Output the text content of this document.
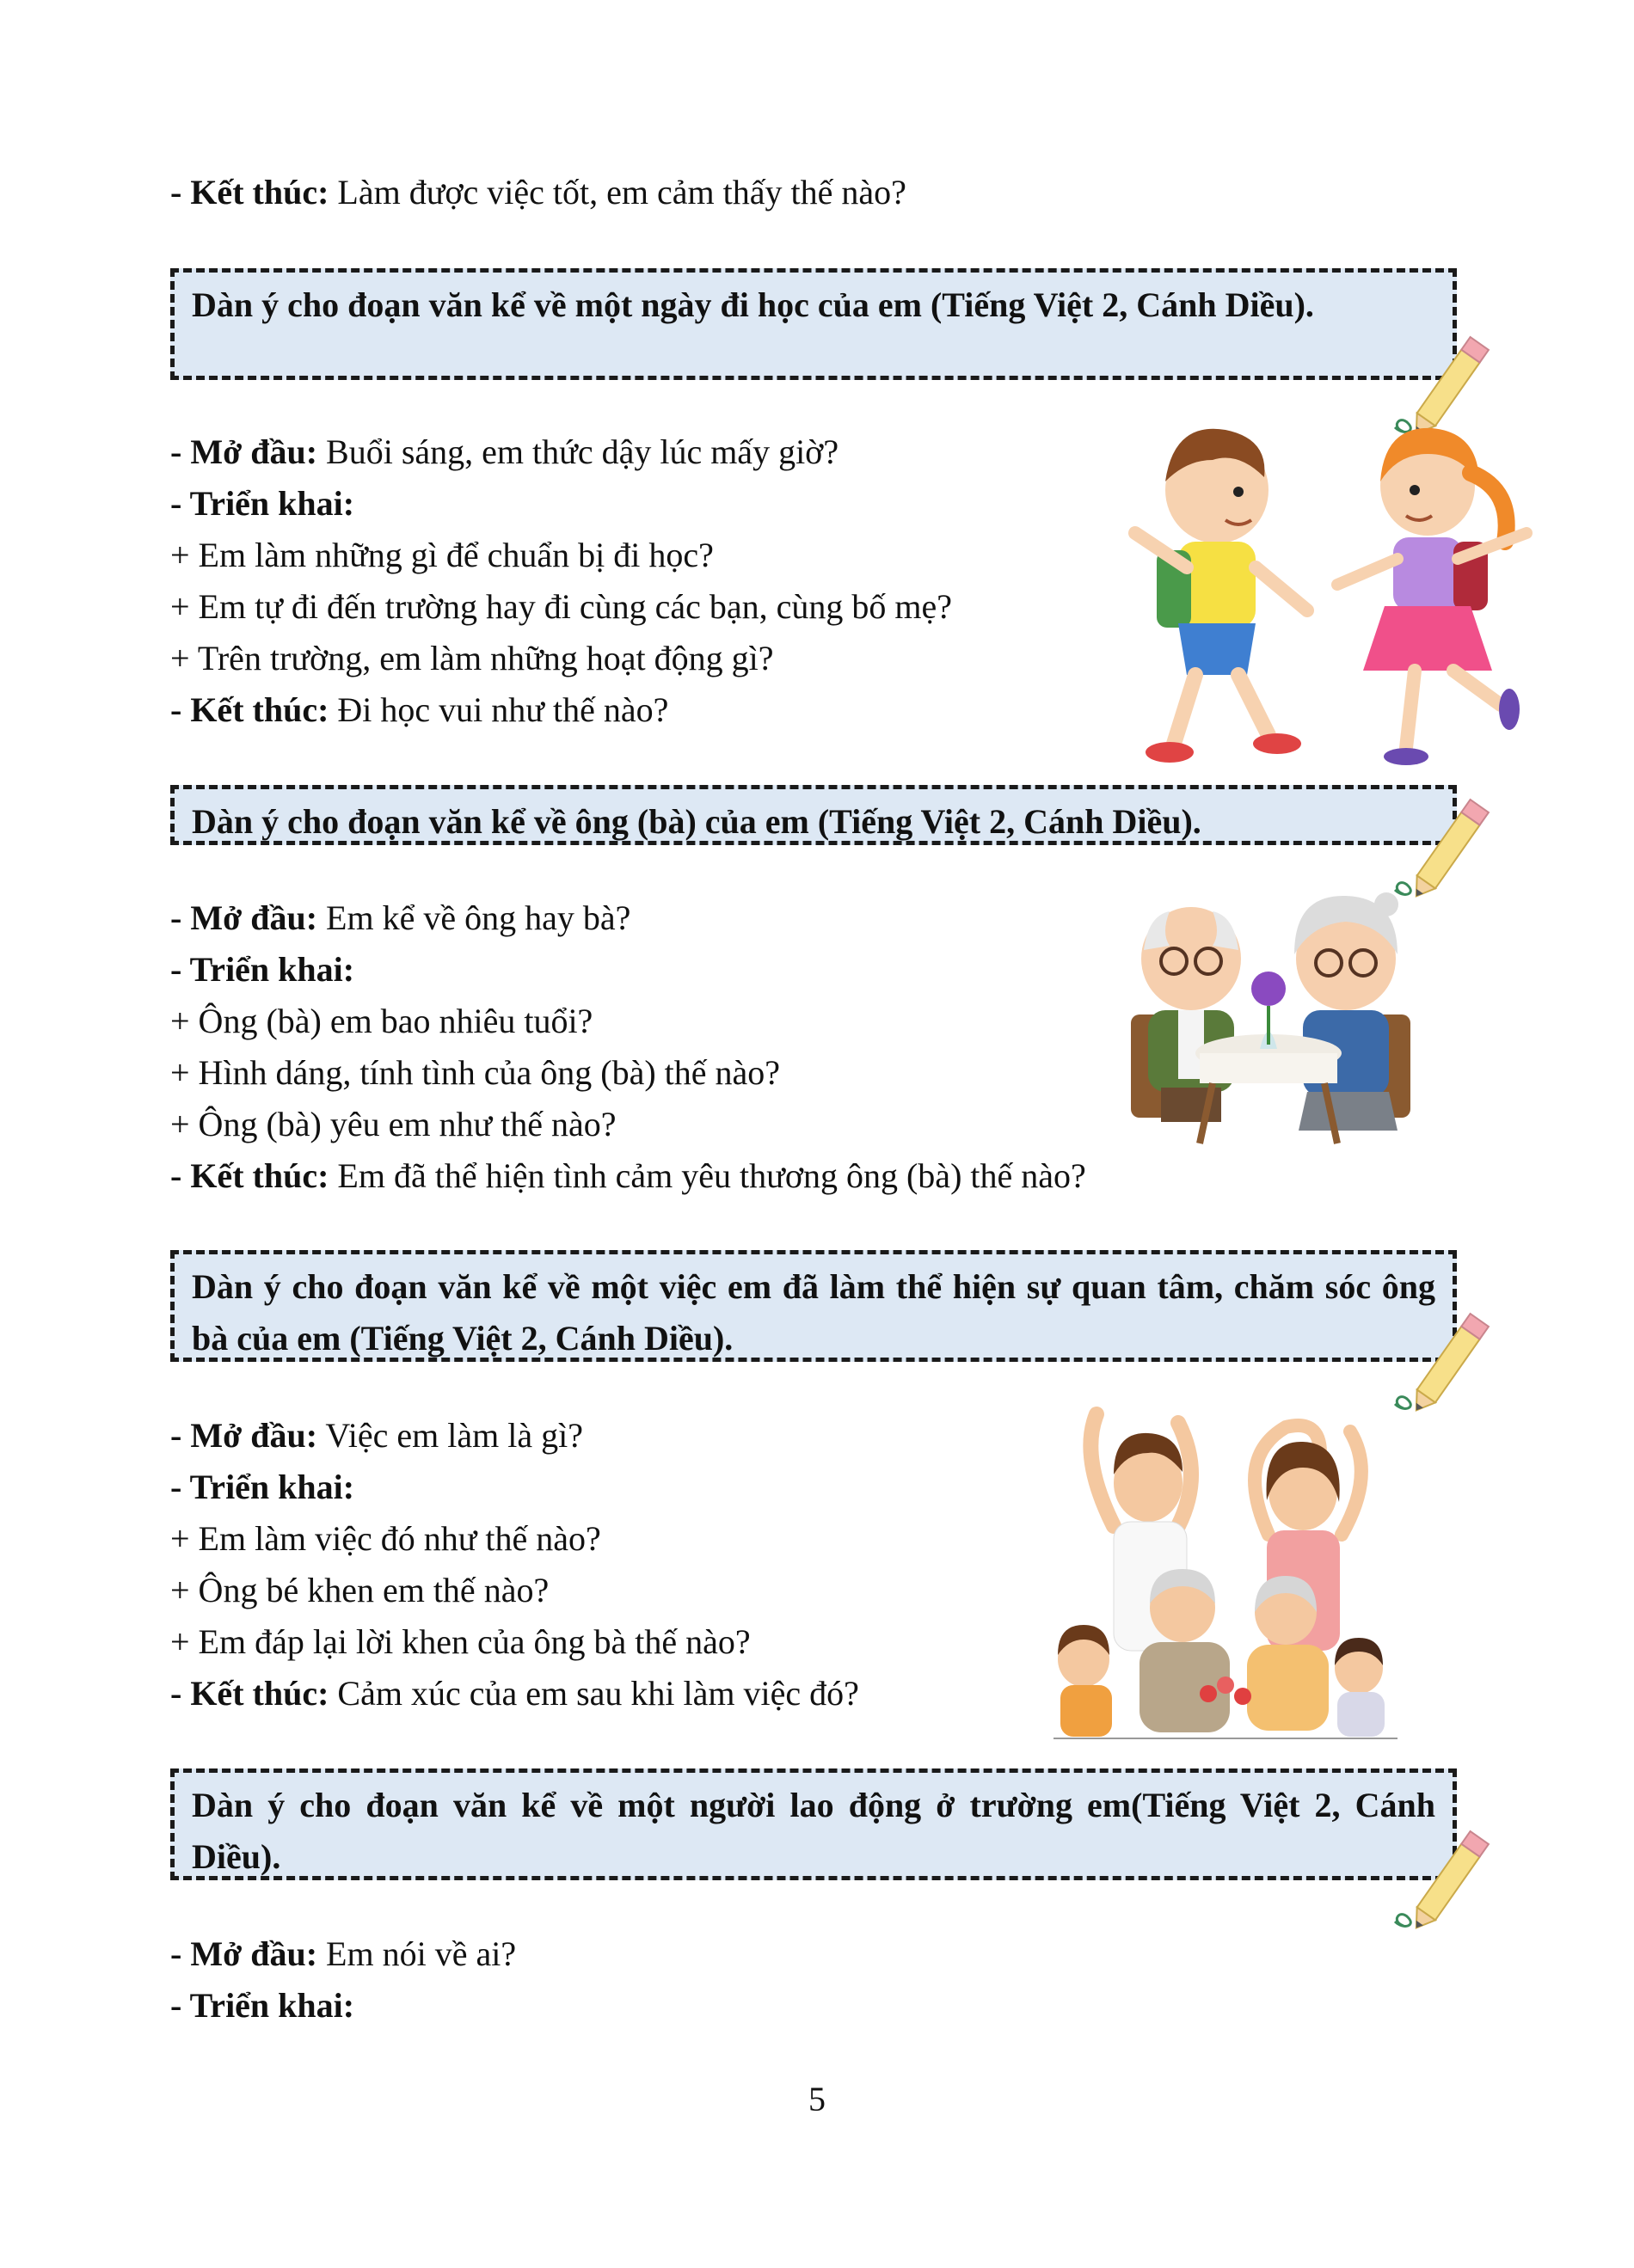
- Kết thúc: Làm được việc tốt, em cảm thấy thế nào?
Dàn ý cho đoạn văn kể về một ngày đi học của em (Tiếng Việt 2, Cánh Diều).
- Mở đầu: Buổi sáng, em thức dậy lúc mấy giờ?
- Triển khai:
+ Em làm những gì để chuẩn bị đi học?
+ Em tự đi đến trường hay đi cùng các bạn, cùng bố mẹ?
+ Trên trường, em làm những hoạt động gì?
- Kết thúc: Đi học vui như thế nào?
Dàn ý cho đoạn văn kể về ông (bà) của em (Tiếng Việt 2, Cánh Diều).
- Mở đầu: Em kể về ông hay bà?
- Triển khai:
+ Ông (bà) em bao nhiêu tuổi?
+ Hình dáng, tính tình của ông (bà) thế nào?
+ Ông (bà) yêu em như thế nào?
- Kết thúc: Em đã thể hiện tình cảm yêu thương ông (bà) thế nào?
Dàn ý cho đoạn văn kể về một việc em đã làm thể hiện sự quan tâm, chăm sóc ông bà của em (Tiếng Việt 2, Cánh Diều).
- Mở đầu: Việc em làm là gì?
- Triển khai:
+ Em làm việc đó như thế nào?
+ Ông bé khen em thế nào?
+ Em đáp lại lời khen của ông bà thế nào?
- Kết thúc: Cảm xúc của em sau khi làm việc đó?
Dàn ý cho đoạn văn kể về một người lao động ở trường em(Tiếng Việt 2, Cánh Diều).
- Mở đầu: Em nói về ai?
- Triển khai:
5
